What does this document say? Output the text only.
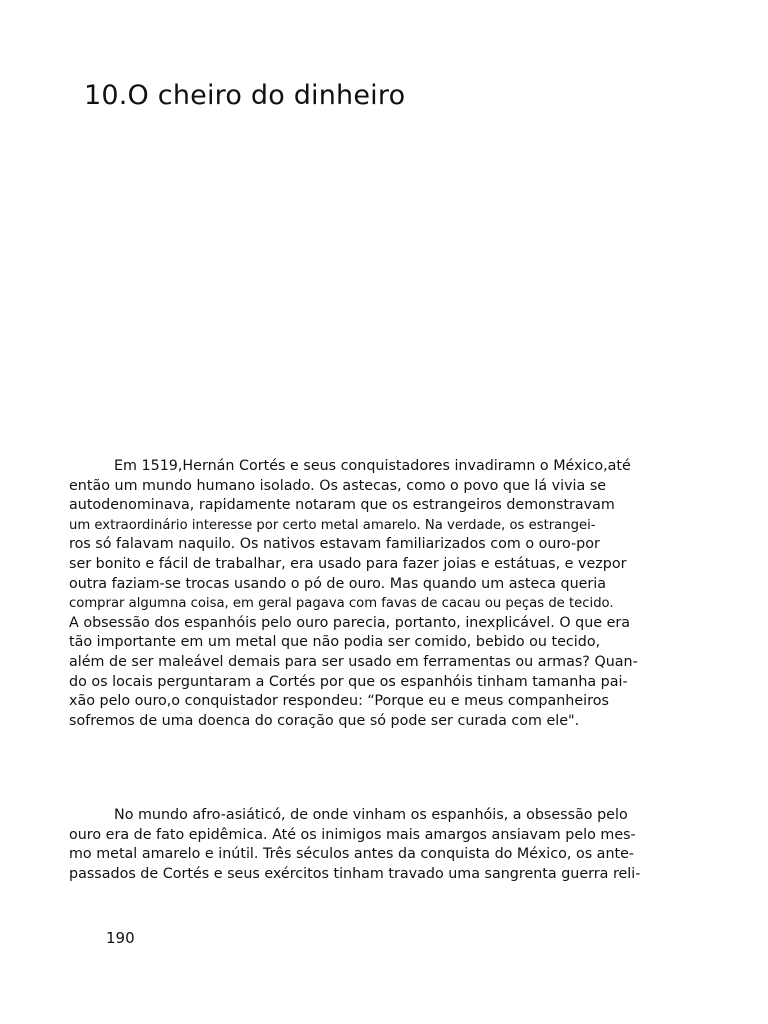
10.O cheiro do dinheiro
Em 1519,Hernán Cortés e seus conquistadores invadiramn o México,até
então um mundo humano isolado. Os astecas, como o povo que lá vivia se
autodenominava, rapidamente notaram que os estrangeiros demonstravam
um extraordinário interesse por certo metal amarelo. Na verdade, os estrangei-
ros só falavam naquilo. Os nativos estavam familiarizados com o ouro-por
ser bonito e fácil de trabalhar, era usado para fazer joias e estátuas, e vezpor
outra faziam-se trocas usando o pó de ouro. Mas quando um asteca queria
comprar algumna coisa, em geral pagava com favas de cacau ou peças de tecido.
A obsessão dos espanhóis pelo ouro parecia, portanto, inexplicável. O que era
tão importante em um metal que não podia ser comido, bebido ou tecido,
além de ser maleável demais para ser usado em ferramentas ou armas? Quan-
do os locais perguntaram a Cortés por que os espanhóis tinham tamanha pai-
xão pelo ouro,o conquistador respondeu: “Porque eu e meus companheiros
sofremos de uma doenca do coração que só pode ser curada com ele".
No mundo afro-asiáticó, de onde vinham os espanhóis, a obsessão pelo
ouro era de fato epidêmica. Até os inimigos mais amargos ansiavam pelo mes-
mo metal amarelo e inútil. Três séculos antes da conquista do México, os ante-
passados de Cortés e seus exércitos tinham travado uma sangrenta guerra reli-

190
